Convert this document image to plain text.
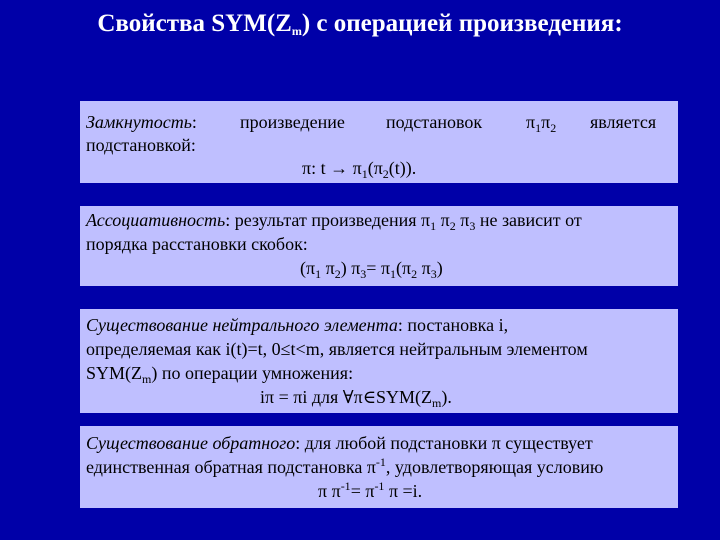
Свойства $SYM(Z_m)$ с операцией произведения:
Замкнутость: произведение подстановок $\pi_1\pi_2$ является
подстановкой:
π: $t \to \pi_1(\pi_2(t))$.
Ассоциативность: результат произведения $\pi_1$ $\pi_2$ $\pi_3$ не зависит от
порядка расстановки скобок:
($\pi_1$ $\pi_2$) $\pi_3= \pi_1(\pi_2$ $\pi_3$)
Существование нейтрального элемента: постановка i,
определяемая как i(t)=t, 0≤t<m, является нейтральным элементом
$SYM(Z_m)$ по операции умножения:
iπ = πi для $\forall\pi\in SYM(Z_m)$.
Существование обратного: для любой подстановки π существует
единственная обратная подстановка $\pi^{-1}$, удовлетворяющая условию
π $\pi^{-1}= \pi^{-1}$ π =i.
